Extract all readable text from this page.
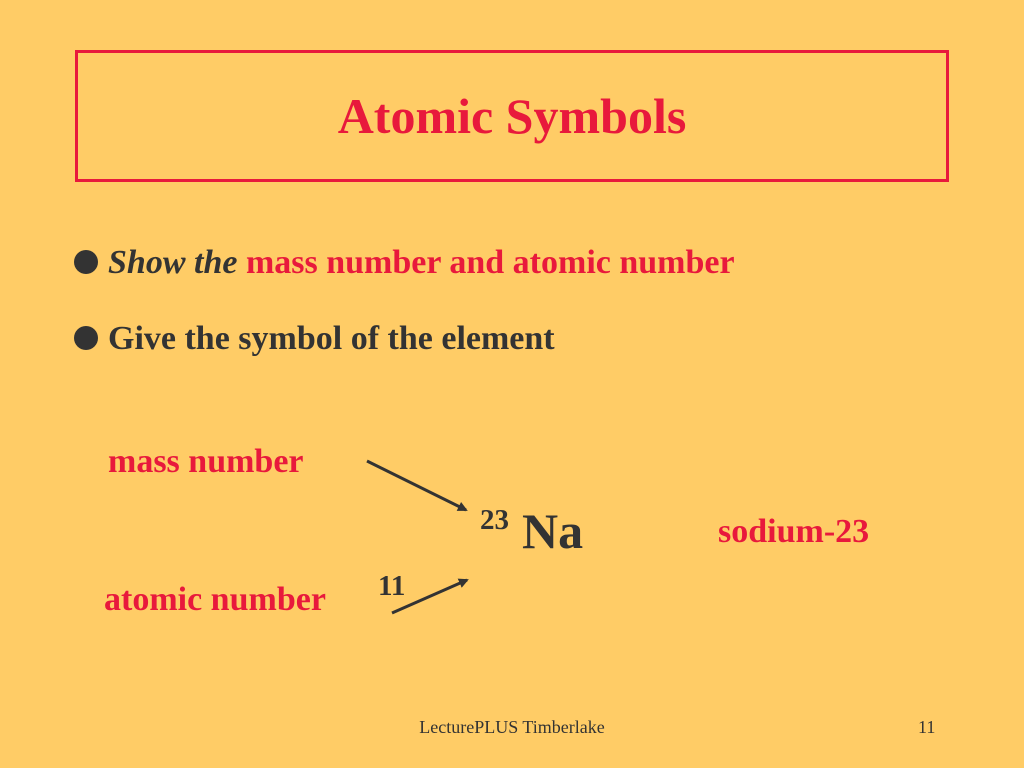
Atomic Symbols
Show the mass number and atomic number
Give the symbol of the element
mass number
atomic number
sodium-23
23
11
Na
LecturePLUS Timberlake	11
